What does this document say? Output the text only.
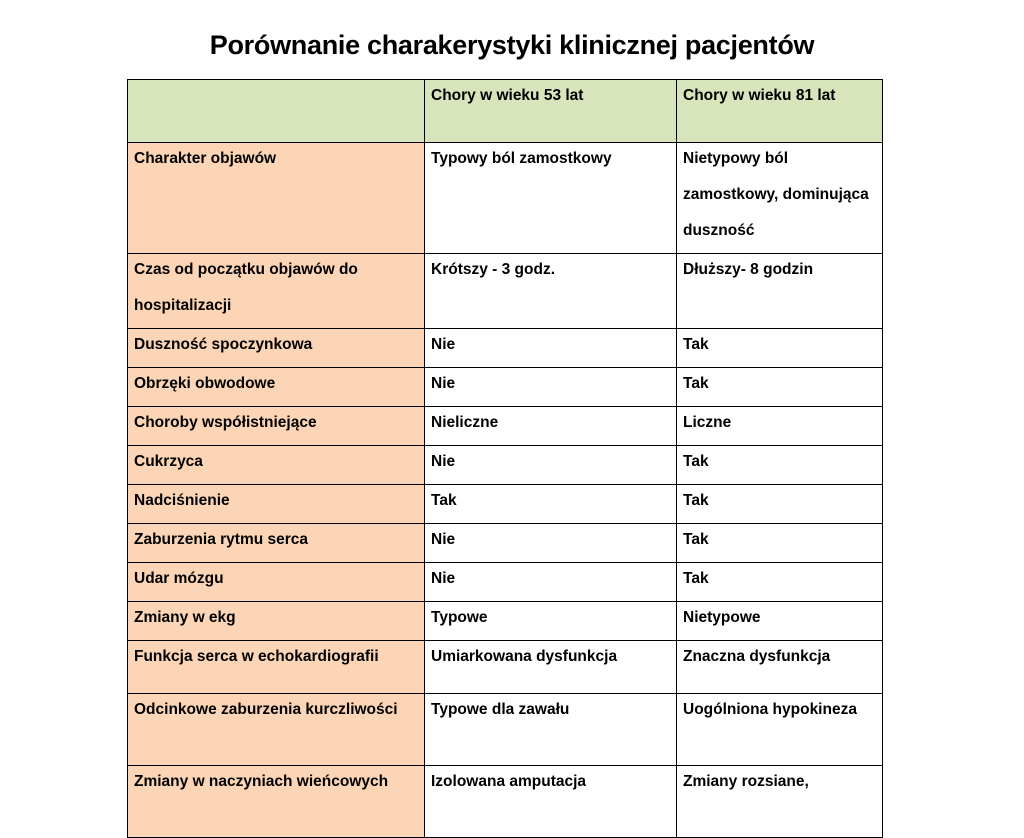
Porównanie charakerystyki klinicznej pacjentów

	Chory w wieku 53 lat	Chory w wieku 81 lat

Charakter objawów	Typowy ból zamostkowy	Nietypowy ból zamostkowy, dominująca duszność

Czas od początku objawów do hospitalizacji	Krótszy - 3 godz.	Dłuższy- 8 godzin

Duszność spoczynkowa	Nie	Tak

Obrzęki obwodowe	Nie	Tak

Choroby współistniejące	Nieliczne	Liczne

Cukrzyca	Nie	Tak

Nadciśnienie	Tak	Tak

Zaburzenia rytmu serca	Nie	Tak

Udar mózgu	Nie	Tak

Zmiany w ekg	Typowe	Nietypowe

Funkcja serca w echokardiografii	Umiarkowana dysfunkcja	Znaczna dysfunkcja

Odcinkowe zaburzenia kurczliwości	Typowe dla zawału	Uogólniona hypokineza

Zmiany w naczyniach wieńcowych	Izolowana amputacja	Zmiany rozsiane,
